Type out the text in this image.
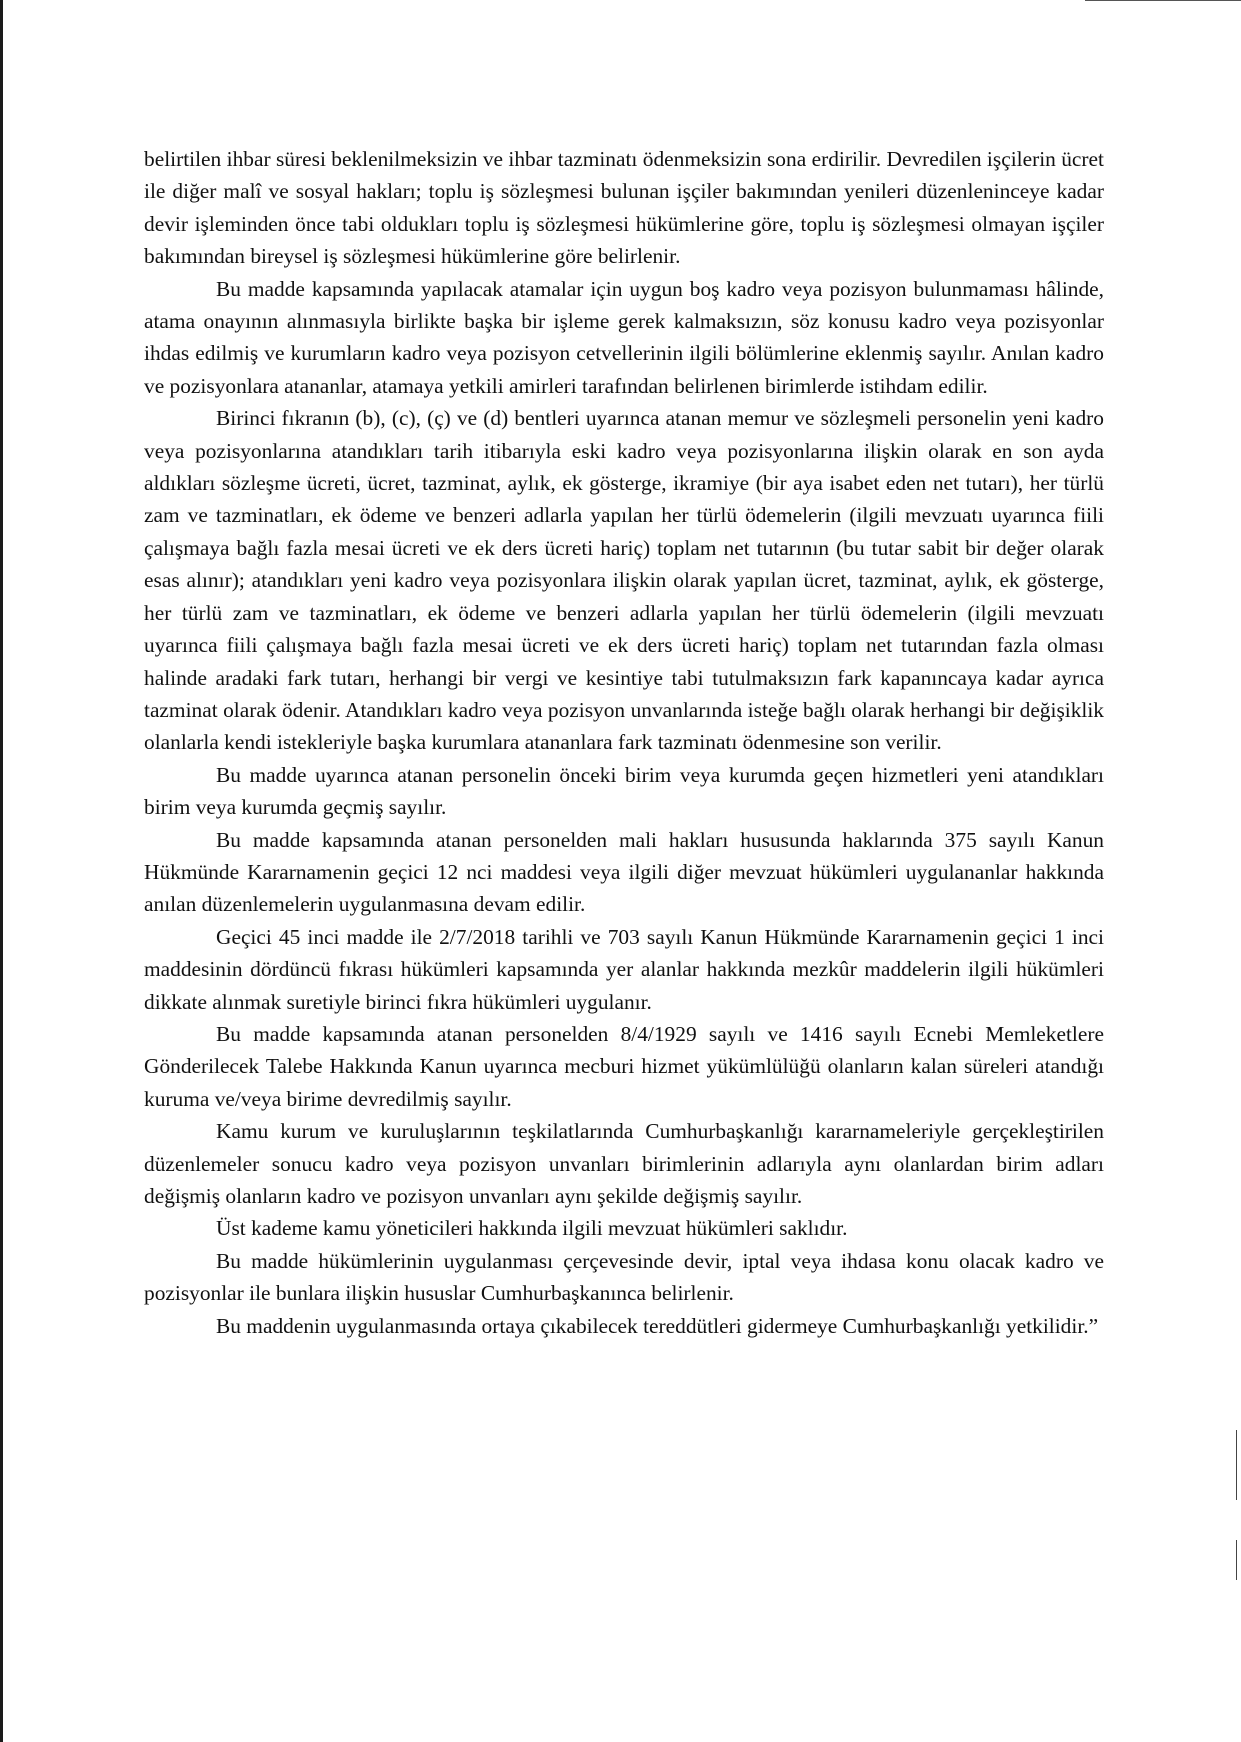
belirtilen ihbar süresi beklenilmeksizin ve ihbar tazminatı ödenmeksizin sona erdirilir. Devredilen işçilerin ücret ile diğer malî ve sosyal hakları; toplu iş sözleşmesi bulunan işçiler bakımından yenileri düzenleninceye kadar devir işleminden önce tabi oldukları toplu iş sözleşmesi hükümlerine göre, toplu iş sözleşmesi olmayan işçiler bakımından bireysel iş sözleşmesi hükümlerine göre belirlenir.

Bu madde kapsamında yapılacak atamalar için uygun boş kadro veya pozisyon bulunmaması hâlinde, atama onayının alınmasıyla birlikte başka bir işleme gerek kalmaksızın, söz konusu kadro veya pozisyonlar ihdas edilmiş ve kurumların kadro veya pozisyon cetvellerinin ilgili bölümlerine eklenmiş sayılır. Anılan kadro ve pozisyonlara atananlar, atamaya yetkili amirleri tarafından belirlenen birimlerde istihdam edilir.

Birinci fıkranın (b), (c), (ç) ve (d) bentleri uyarınca atanan memur ve sözleşmeli personelin yeni kadro veya pozisyonlarına atandıkları tarih itibarıyla eski kadro veya pozisyonlarına ilişkin olarak en son ayda aldıkları sözleşme ücreti, ücret, tazminat, aylık, ek gösterge, ikramiye (bir aya isabet eden net tutarı), her türlü zam ve tazminatları, ek ödeme ve benzeri adlarla yapılan her türlü ödemelerin (ilgili mevzuatı uyarınca fiili çalışmaya bağlı fazla mesai ücreti ve ek ders ücreti hariç) toplam net tutarının (bu tutar sabit bir değer olarak esas alınır); atandıkları yeni kadro veya pozisyonlara ilişkin olarak yapılan ücret, tazminat, aylık, ek gösterge, her türlü zam ve tazminatları, ek ödeme ve benzeri adlarla yapılan her türlü ödemelerin (ilgili mevzuatı uyarınca fiili çalışmaya bağlı fazla mesai ücreti ve ek ders ücreti hariç) toplam net tutarından fazla olması halinde aradaki fark tutarı, herhangi bir vergi ve kesintiye tabi tutulmaksızın fark kapanıncaya kadar ayrıca tazminat olarak ödenir. Atandıkları kadro veya pozisyon unvanlarında isteğe bağlı olarak herhangi bir değişiklik olanlarla kendi istekleriyle başka kurumlara atananlara fark tazminatı ödenmesine son verilir.

Bu madde uyarınca atanan personelin önceki birim veya kurumda geçen hizmetleri yeni atandıkları birim veya kurumda geçmiş sayılır.

Bu madde kapsamında atanan personelden mali hakları hususunda haklarında 375 sayılı Kanun Hükmünde Kararnamenin geçici 12 nci maddesi veya ilgili diğer mevzuat hükümleri uygulananlar hakkında anılan düzenlemelerin uygulanmasına devam edilir.

Geçici 45 inci madde ile 2/7/2018 tarihli ve 703 sayılı Kanun Hükmünde Kararnamenin geçici 1 inci maddesinin dördüncü fıkrası hükümleri kapsamında yer alanlar hakkında mezkûr maddelerin ilgili hükümleri dikkate alınmak suretiyle birinci fıkra hükümleri uygulanır.

Bu madde kapsamında atanan personelden 8/4/1929 sayılı ve 1416 sayılı Ecnebi Memleketlere Gönderilecek Talebe Hakkında Kanun uyarınca mecburi hizmet yükümlülüğü olanların kalan süreleri atandığı kuruma ve/veya birime devredilmiş sayılır.

Kamu kurum ve kuruluşlarının teşkilatlarında Cumhurbaşkanlığı kararnameleriyle gerçekleştirilen düzenlemeler sonucu kadro veya pozisyon unvanları birimlerinin adlarıyla aynı olanlardan birim adları değişmiş olanların kadro ve pozisyon unvanları aynı şekilde değişmiş sayılır.

Üst kademe kamu yöneticileri hakkında ilgili mevzuat hükümleri saklıdır.

Bu madde hükümlerinin uygulanması çerçevesinde devir, iptal veya ihdasa konu olacak kadro ve pozisyonlar ile bunlara ilişkin hususlar Cumhurbaşkanınca belirlenir.

Bu maddenin uygulanmasında ortaya çıkabilecek tereddütleri gidermeye Cumhurbaşkanlığı yetkilidir.”
